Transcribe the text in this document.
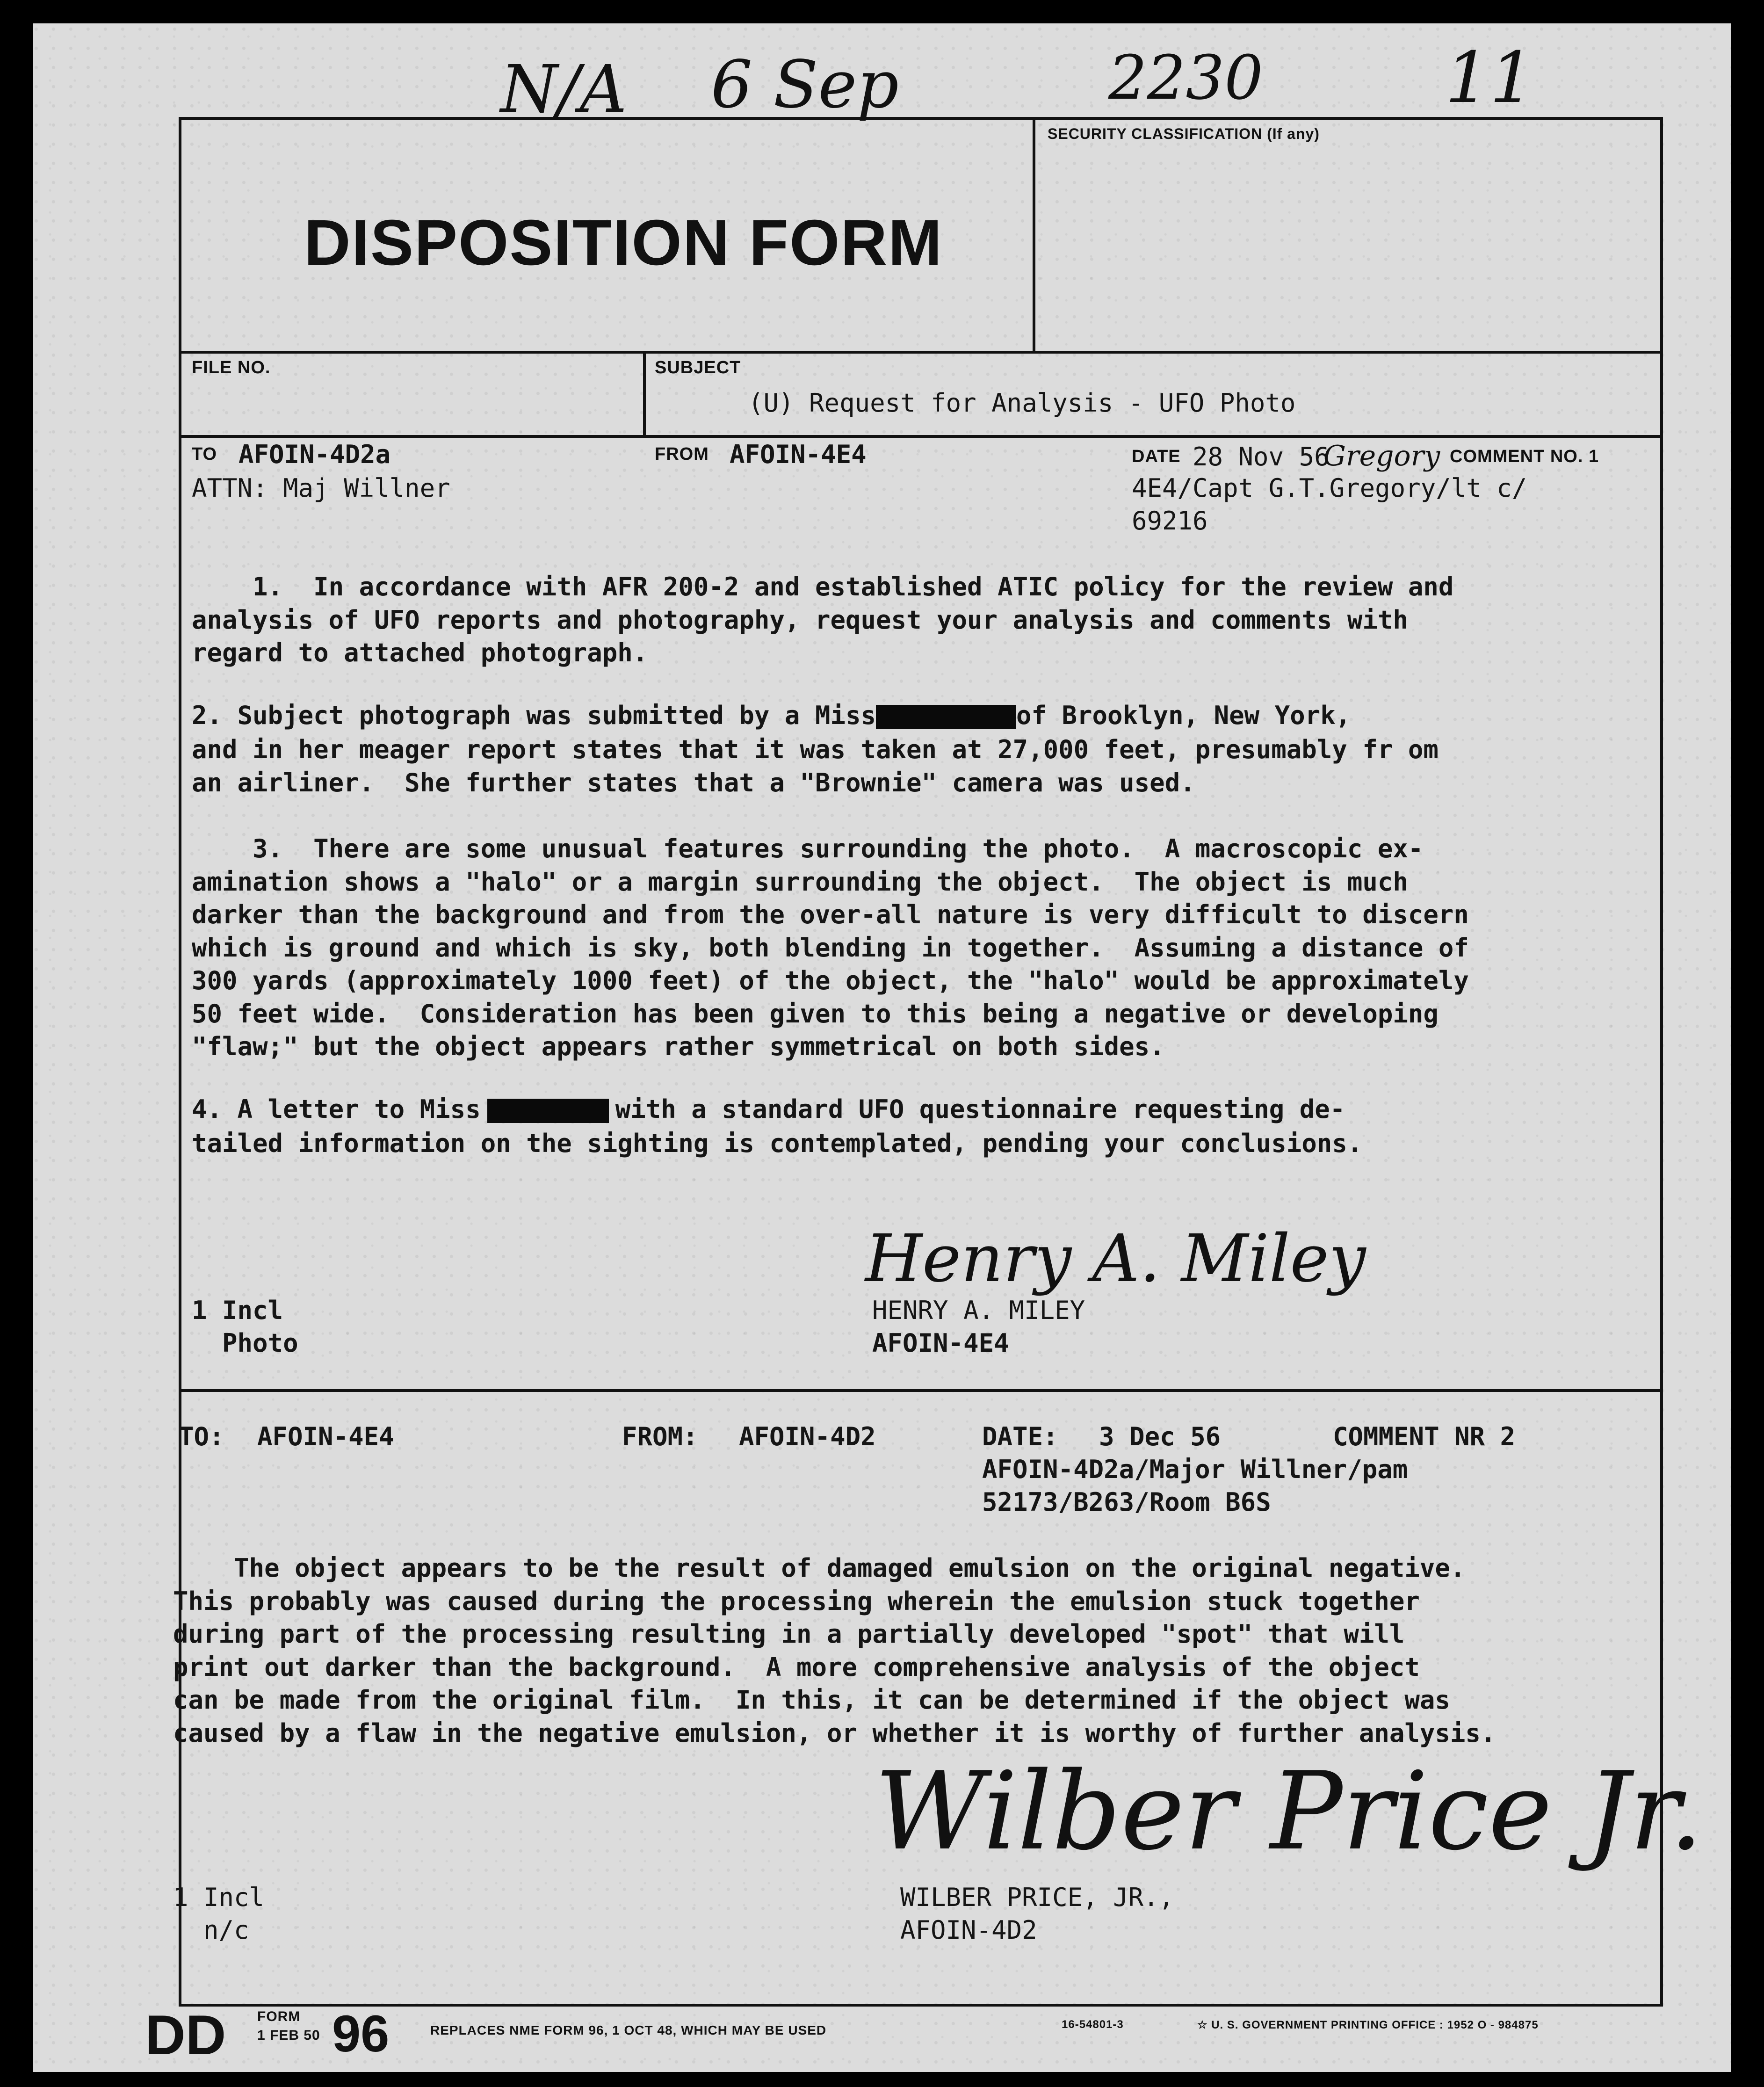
N/A 6 Sep	2230	11
DISPOSITION FORM
SECURITY CLASSIFICATION (If any)
FILE NO.	SUBJECT
(U) Request for Analysis - UFO Photo
TO AFOIN-4D2a
ATTN: Maj Willner
FROM AFOIN-4E4	DATE 28 Nov 56
Gregory COMMENT NO. 1
4E4/Capt G.T.Gregory/lt c/
69216
1.  In accordance with AFR 200-2 and established ATIC policy for the review and
analysis of UFO reports and photography, request your analysis and comments with
regard to attached photograph.
2. Subject photograph was submitted by a Miss	of Brooklyn, New York,
and in her meager report states that it was taken at 27,000 feet, presumably fr om
an airliner.  She further states that a "Brownie" camera was used.
3.  There are some unusual features surrounding the photo.  A macroscopic ex-
amination shows a "halo" or a margin surrounding the object.  The object is much
darker than the background and from the over-all nature is very difficult to discern
which is ground and which is sky, both blending in together.  Assuming a distance of
300 yards (approximately 1000 feet) of the object, the "halo" would be approximately
50 feet wide.  Consideration has been given to this being a negative or developing
"flaw;" but the object appears rather symmetrical on both sides.
4. A letter to Miss	with a standard UFO questionnaire requesting de-
tailed information on the sighting is contemplated, pending your conclusions.
1 Incl
Photo
Henry A. Miley
HENRY A. MILEY
AFOIN-4E4
TO: AFOIN-4E4	FROM: AFOIN-4D2	DATE: 3 Dec 56	COMMENT NR 2
AFOIN-4D2a/Major Willner/pam
52173/B263/Room B6S
The object appears to be the result of damaged emulsion on the original negative.
This probably was caused during the processing wherein the emulsion stuck together
during part of the processing resulting in a partially developed "spot" that will
print out darker than the background.  A more comprehensive analysis of the object
can be made from the original film.  In this, it can be determined if the object was
caused by a flaw in the negative emulsion, or whether it is worthy of further analysis.
Wilber Price Jr.
1 Incl
n/c
WILBER PRICE, JR.,
AFOIN-4D2
DD FORM
1 FEB 50 96	REPLACES NME FORM 96, 1 OCT 48, WHICH MAY BE USED	16-54801-3	☆ U. S. GOVERNMENT PRINTING OFFICE : 1952 O - 984875
